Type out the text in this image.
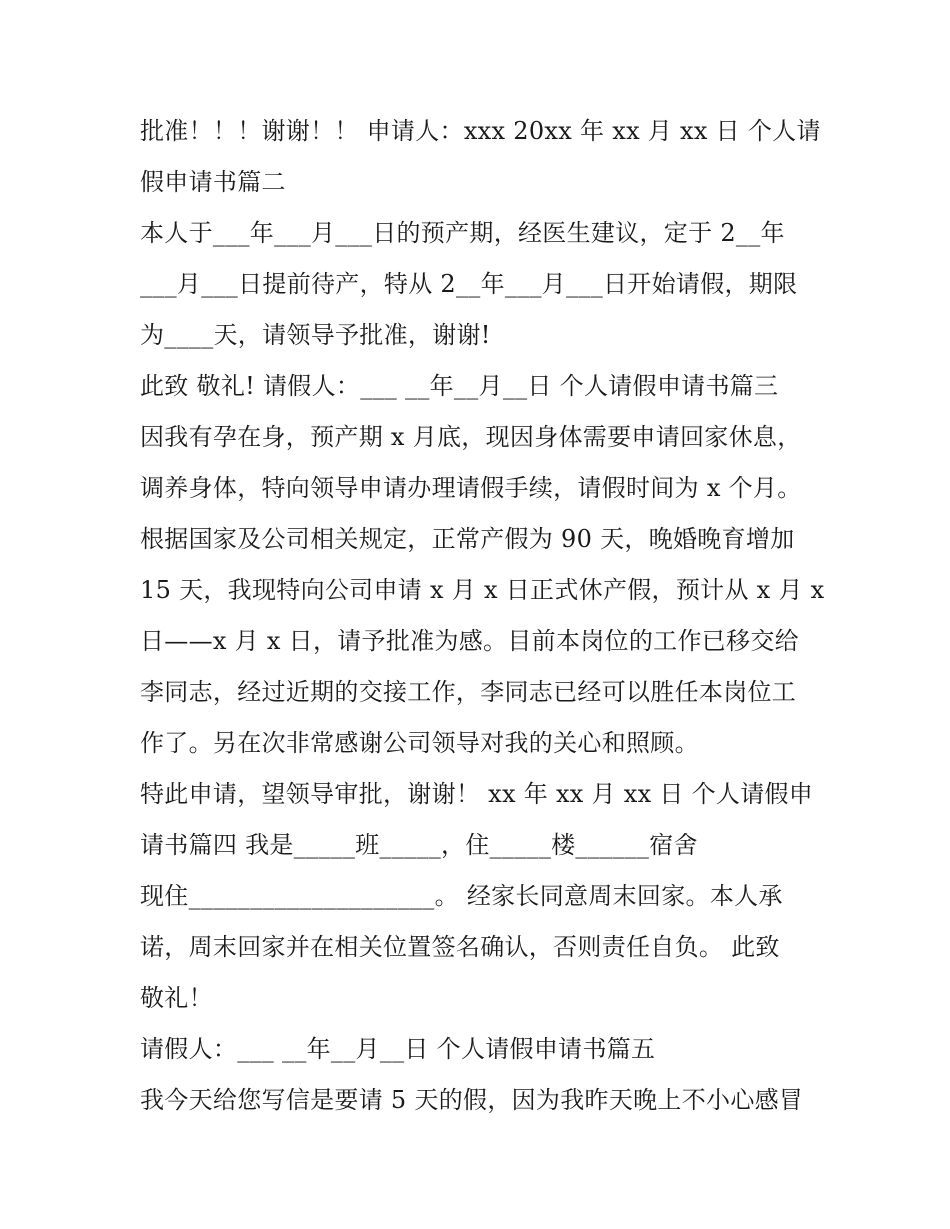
批准！！！谢谢！！ 申请人：xxx 20xx 年 xx 月 xx 日 个人请
假申请书篇二
本人于___年___月___日的预产期，经医生建议，定于 2__年
___月___日提前待产，特从 2__年___月___日开始请假，期限
为____天，请领导予批准，谢谢!
此致 敬礼! 请假人：___ __年__月__日 个人请假申请书篇三
因我有孕在身，预产期 x 月底，现因身体需要申请回家休息，
调养身体，特向领导申请办理请假手续，请假时间为 x 个月。
根据国家及公司相关规定，正常产假为 90 天，晚婚晚育增加
15 天，我现特向公司申请 x 月 x 日正式休产假，预计从 x 月 x
日——x 月 x 日，请予批准为感。目前本岗位的工作已移交给
李同志，经过近期的交接工作，李同志已经可以胜任本岗位工
作了。另在次非常感谢公司领导对我的关心和照顾。
特此申请，望领导审批，谢谢！ xx 年 xx 月 xx 日 个人请假申
请书篇四 我是_____班_____，住_____楼______宿舍
现住____________________。 经家长同意周末回家。本人承
诺，周末回家并在相关位置签名确认，否则责任自负。 此致
敬礼！
请假人：___ __年__月__日 个人请假申请书篇五
我今天给您写信是要请 5 天的假，因为我昨天晚上不小心感冒
